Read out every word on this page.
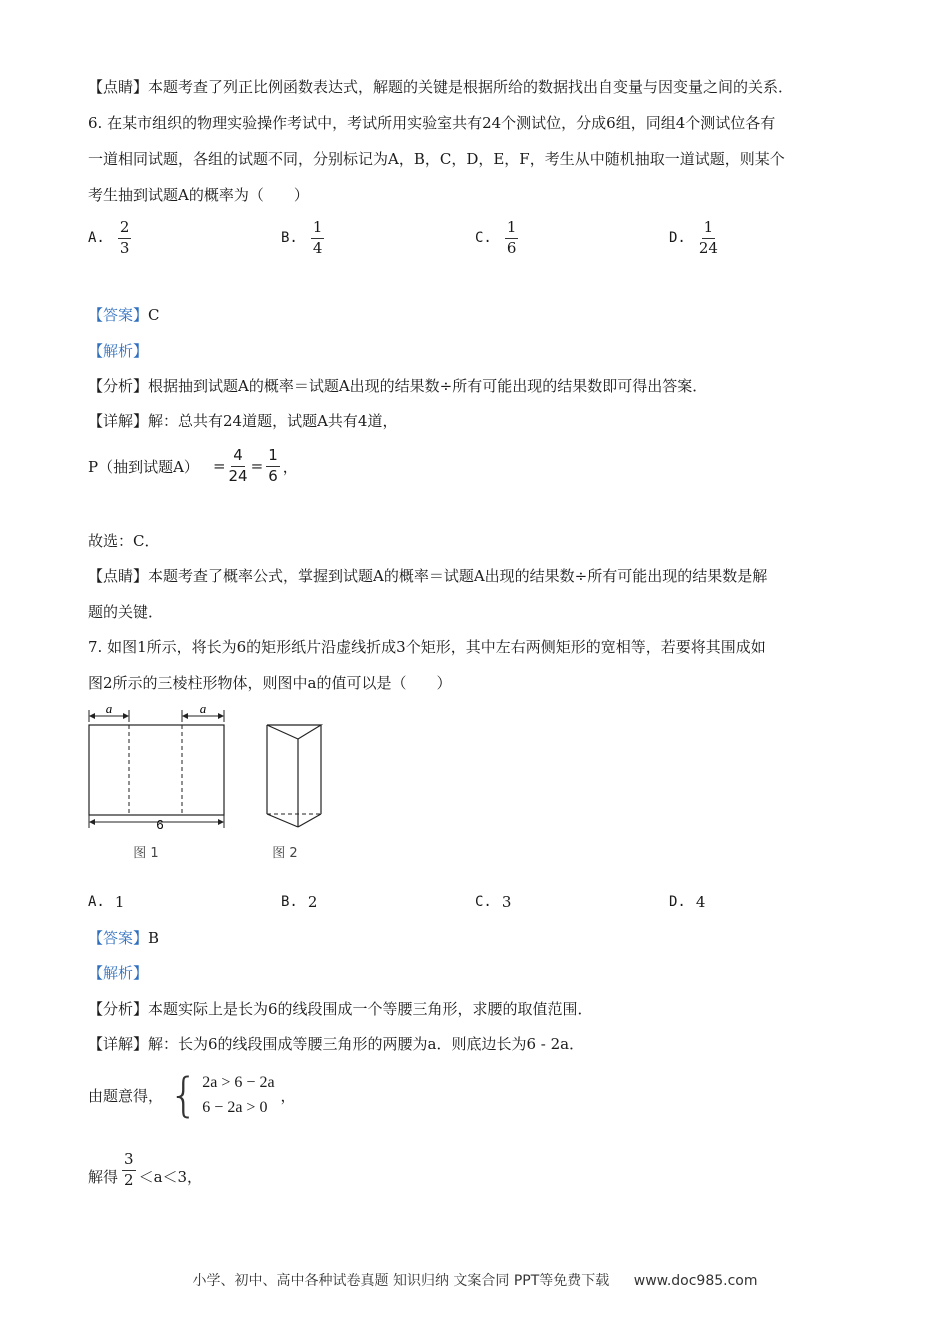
【点睛】本题考查了列正比例函数表达式，解题的关键是根据所给的数据找出自变量与因变量之间的关系．
6. 在某市组织的物理实验操作考试中，考试所用实验室共有24个测试位，分成6组，同组4个测试位各有
一道相同试题，各组的试题不同，分别标记为A，B，C，D，E，F，考生从中随机抽取一道试题，则某个
考生抽到试题A的概率为（　　）
A. $\frac{2}{3}$	B. $\frac{1}{4}$	C. $\frac{1}{6}$	D. $\frac{1}{24}$
【答案】C
【解析】
【分析】根据抽到试题A的概率＝试题A出现的结果数÷所有可能出现的结果数即可得出答案．
【详解】解：总共有24道题，试题A共有4道，
P（抽到试题$A) = \frac{4}{24} = \frac{1}{6}$ ，
故选：C．
【点睛】本题考查了概率公式，掌握到试题A的概率＝试题A出现的结果数÷所有可能出现的结果数是解
题的关键．
7. 如图1所示，将长为6的矩形纸片沿虚线折成3个矩形，其中左右两侧矩形的宽相等，若要将其围成如
图2所示的三棱柱形物体，则图中a的值可以是（　　）
a	a
6
图 1	图 2
A. 1	B. 2	C. 3	D. 4
【答案】B
【解析】
【分析】本题实际上是长为6的线段围成一个等腰三角形，求腰的取值范围．
【详解】解：长为6的线段围成等腰三角形的两腰为a．则底边长为6 - 2a．
由题意得， { 2a > 6 − 2a
6 − 2a > 0
，
解得 $\frac{3}{2} <a<3$，
小学、初中、高中各种试卷真题 知识归纳 文案合同 PPT等免费下载 www.doc985.com
